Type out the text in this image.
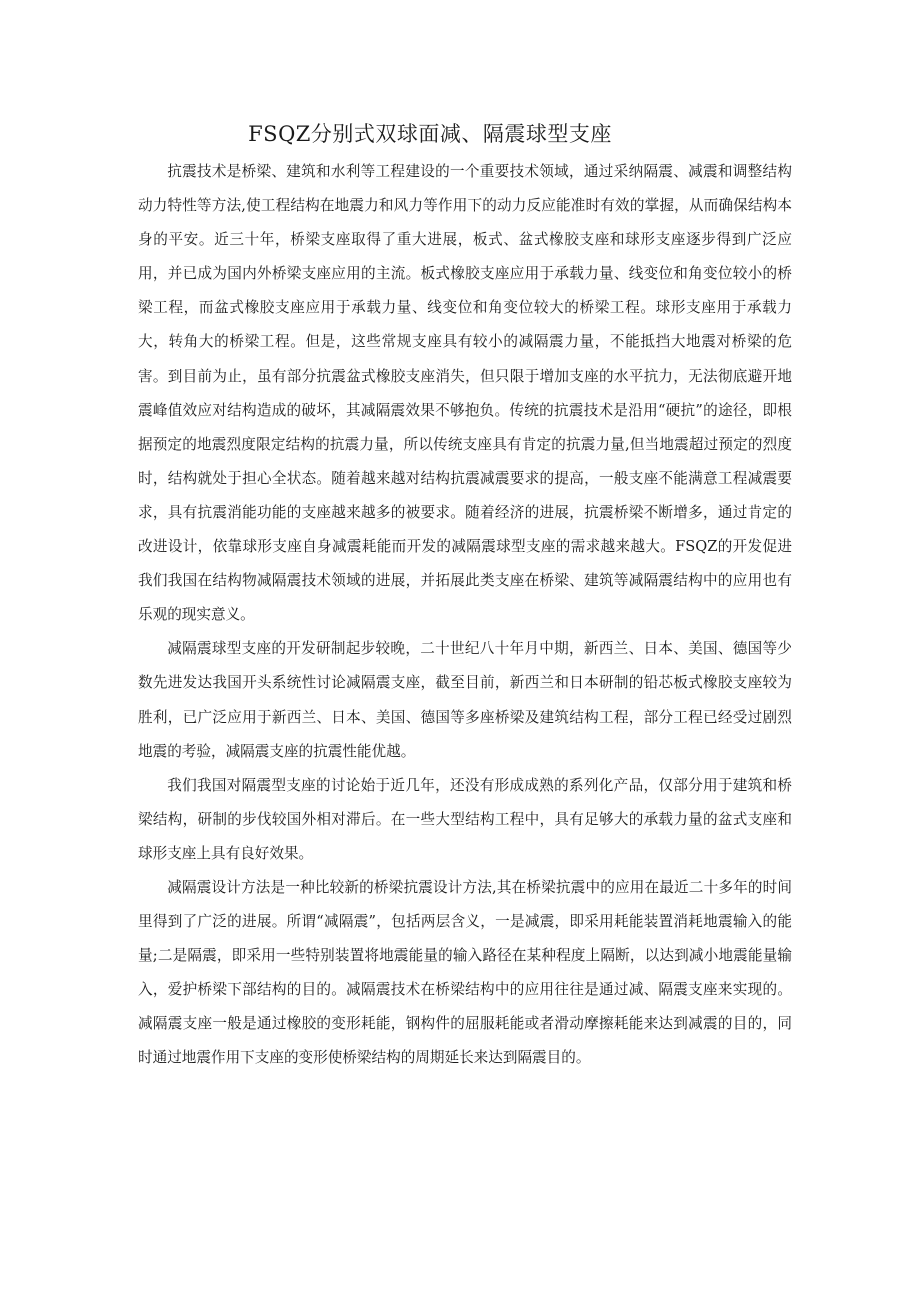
FSQZ分别式双球面减、隔震球型支座

抗震技术是桥梁、建筑和水利等工程建设的一个重要技术领域，通过采纳隔震、减震和调整结构动力特性等方法,使工程结构在地震力和风力等作用下的动力反应能准时有效的掌握，从而确保结构本身的平安。近三十年，桥梁支座取得了重大进展，板式、盆式橡胶支座和球形支座逐步得到广泛应用，并已成为国内外桥梁支座应用的主流。板式橡胶支座应用于承载力量、线变位和角变位较小的桥梁工程，而盆式橡胶支座应用于承载力量、线变位和角变位较大的桥梁工程。球形支座用于承载力大，转角大的桥梁工程。但是，这些常规支座具有较小的减隔震力量，不能抵挡大地震对桥梁的危害。到目前为止，虽有部分抗震盆式橡胶支座消失，但只限于增加支座的水平抗力，无法彻底避开地震峰值效应对结构造成的破坏，其减隔震效果不够抱负。传统的抗震技术是沿用“硬抗”的途径，即根据预定的地震烈度限定结构的抗震力量，所以传统支座具有肯定的抗震力量,但当地震超过预定的烈度时，结构就处于担心全状态。随着越来越对结构抗震减震要求的提高，一般支座不能满意工程减震要求，具有抗震消能功能的支座越来越多的被要求。随着经济的进展，抗震桥梁不断增多，通过肯定的改进设计，依靠球形支座自身减震耗能而开发的减隔震球型支座的需求越来越大。FSQZ的开发促进我们我国在结构物减隔震技术领域的进展，并拓展此类支座在桥梁、建筑等减隔震结构中的应用也有乐观的现实意义。

减隔震球型支座的开发研制起步较晚，二十世纪八十年月中期，新西兰、日本、美国、德国等少数先进发达我国开头系统性讨论减隔震支座，截至目前，新西兰和日本研制的铅芯板式橡胶支座较为胜利，已广泛应用于新西兰、日本、美国、德国等多座桥梁及建筑结构工程，部分工程已经受过剧烈地震的考验，减隔震支座的抗震性能优越。

我们我国对隔震型支座的讨论始于近几年，还没有形成成熟的系列化产品，仅部分用于建筑和桥梁结构，研制的步伐较国外相对滞后。在一些大型结构工程中，具有足够大的承载力量的盆式支座和球形支座上具有良好效果。

减隔震设计方法是一种比较新的桥梁抗震设计方法,其在桥梁抗震中的应用在最近二十多年的时间里得到了广泛的进展。所谓“减隔震”，包括两层含义，一是减震，即采用耗能装置消耗地震输入的能量;二是隔震，即采用一些特别装置将地震能量的输入路径在某种程度上隔断，以达到减小地震能量输入，爱护桥梁下部结构的目的。减隔震技术在桥梁结构中的应用往往是通过减、隔震支座来实现的。减隔震支座一般是通过橡胶的变形耗能，钢构件的屈服耗能或者滑动摩擦耗能来达到减震的目的，同时通过地震作用下支座的变形使桥梁结构的周期延长来达到隔震目的。
